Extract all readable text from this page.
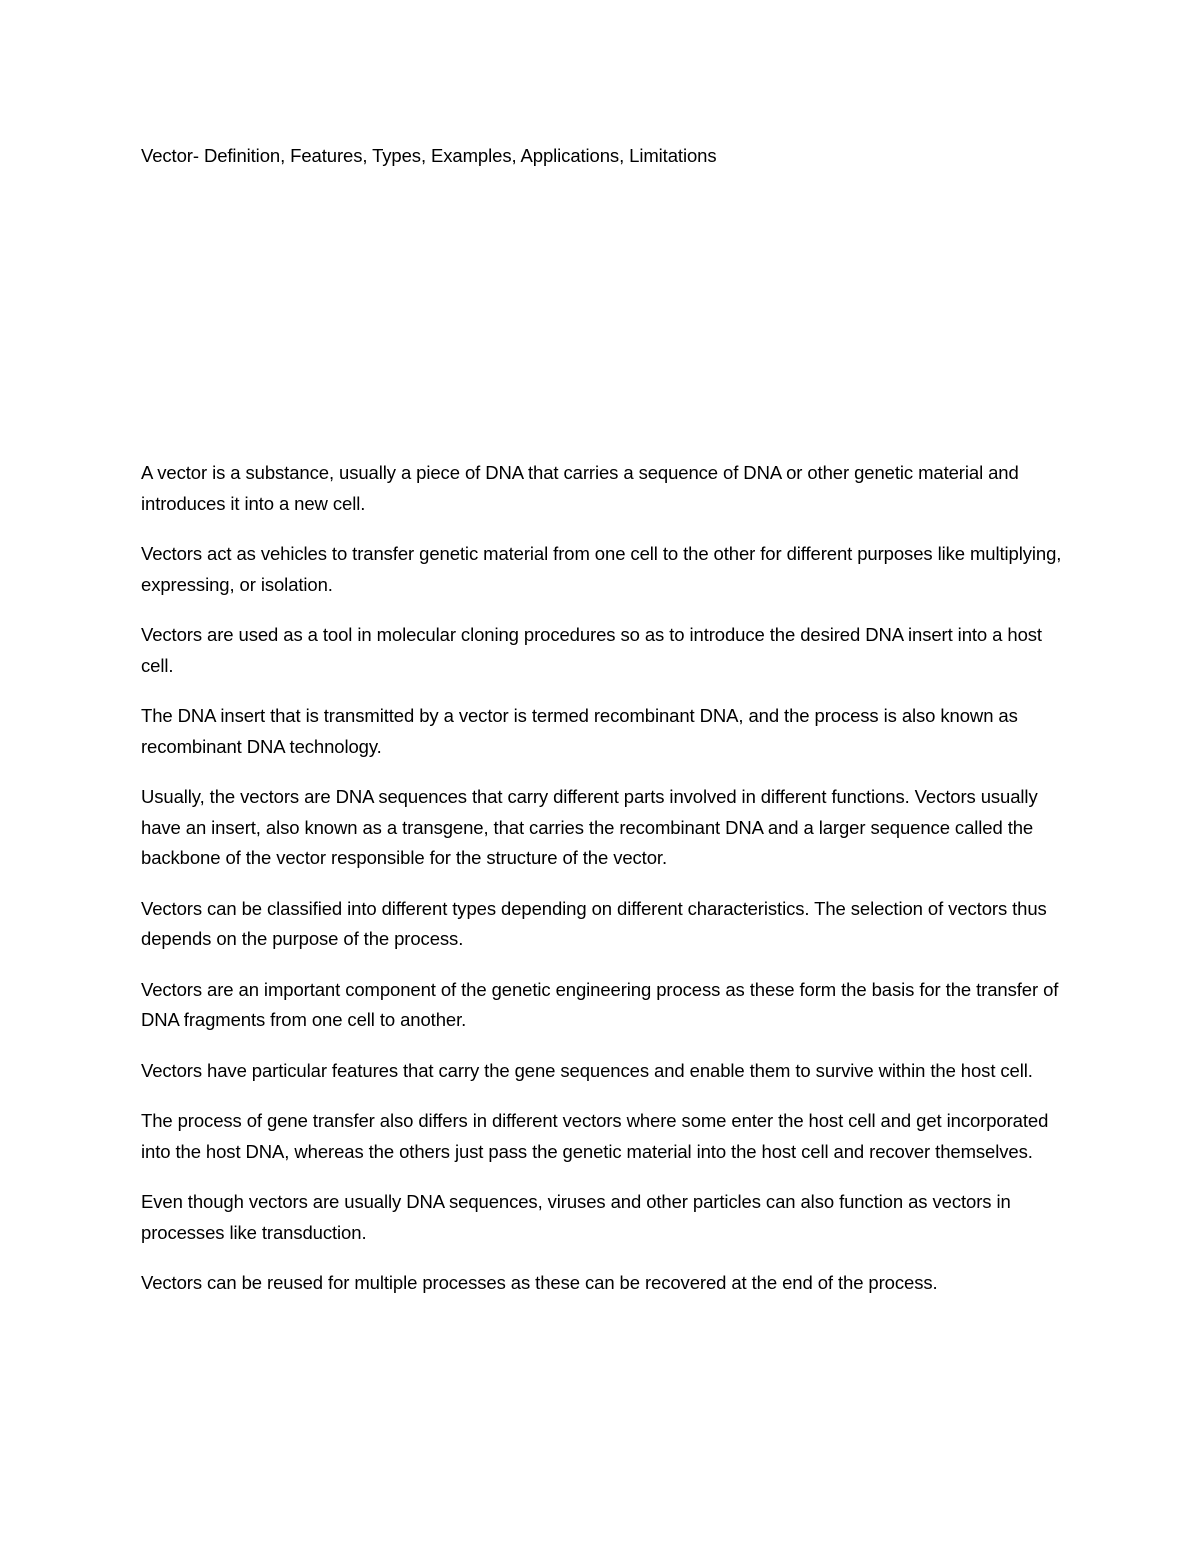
Vector- Definition, Features, Types, Examples, Applications, Limitations

A vector is a substance, usually a piece of DNA that carries a sequence of DNA or other genetic material and introduces it into a new cell.

Vectors act as vehicles to transfer genetic material from one cell to the other for different purposes like multiplying, expressing, or isolation.

Vectors are used as a tool in molecular cloning procedures so as to introduce the desired DNA insert into a host cell.

The DNA insert that is transmitted by a vector is termed recombinant DNA, and the process is also known as recombinant DNA technology.

Usually, the vectors are DNA sequences that carry different parts involved in different functions. Vectors usually have an insert, also known as a transgene, that carries the recombinant DNA and a larger sequence called the backbone of the vector responsible for the structure of the vector.

Vectors can be classified into different types depending on different characteristics. The selection of vectors thus depends on the purpose of the process.

Vectors are an important component of the genetic engineering process as these form the basis for the transfer of DNA fragments from one cell to another.

Vectors have particular features that carry the gene sequences and enable them to survive within the host cell.

The process of gene transfer also differs in different vectors where some enter the host cell and get incorporated into the host DNA, whereas the others just pass the genetic material into the host cell and recover themselves.

Even though vectors are usually DNA sequences, viruses and other particles can also function as vectors in processes like transduction.

Vectors can be reused for multiple processes as these can be recovered at the end of the process.
